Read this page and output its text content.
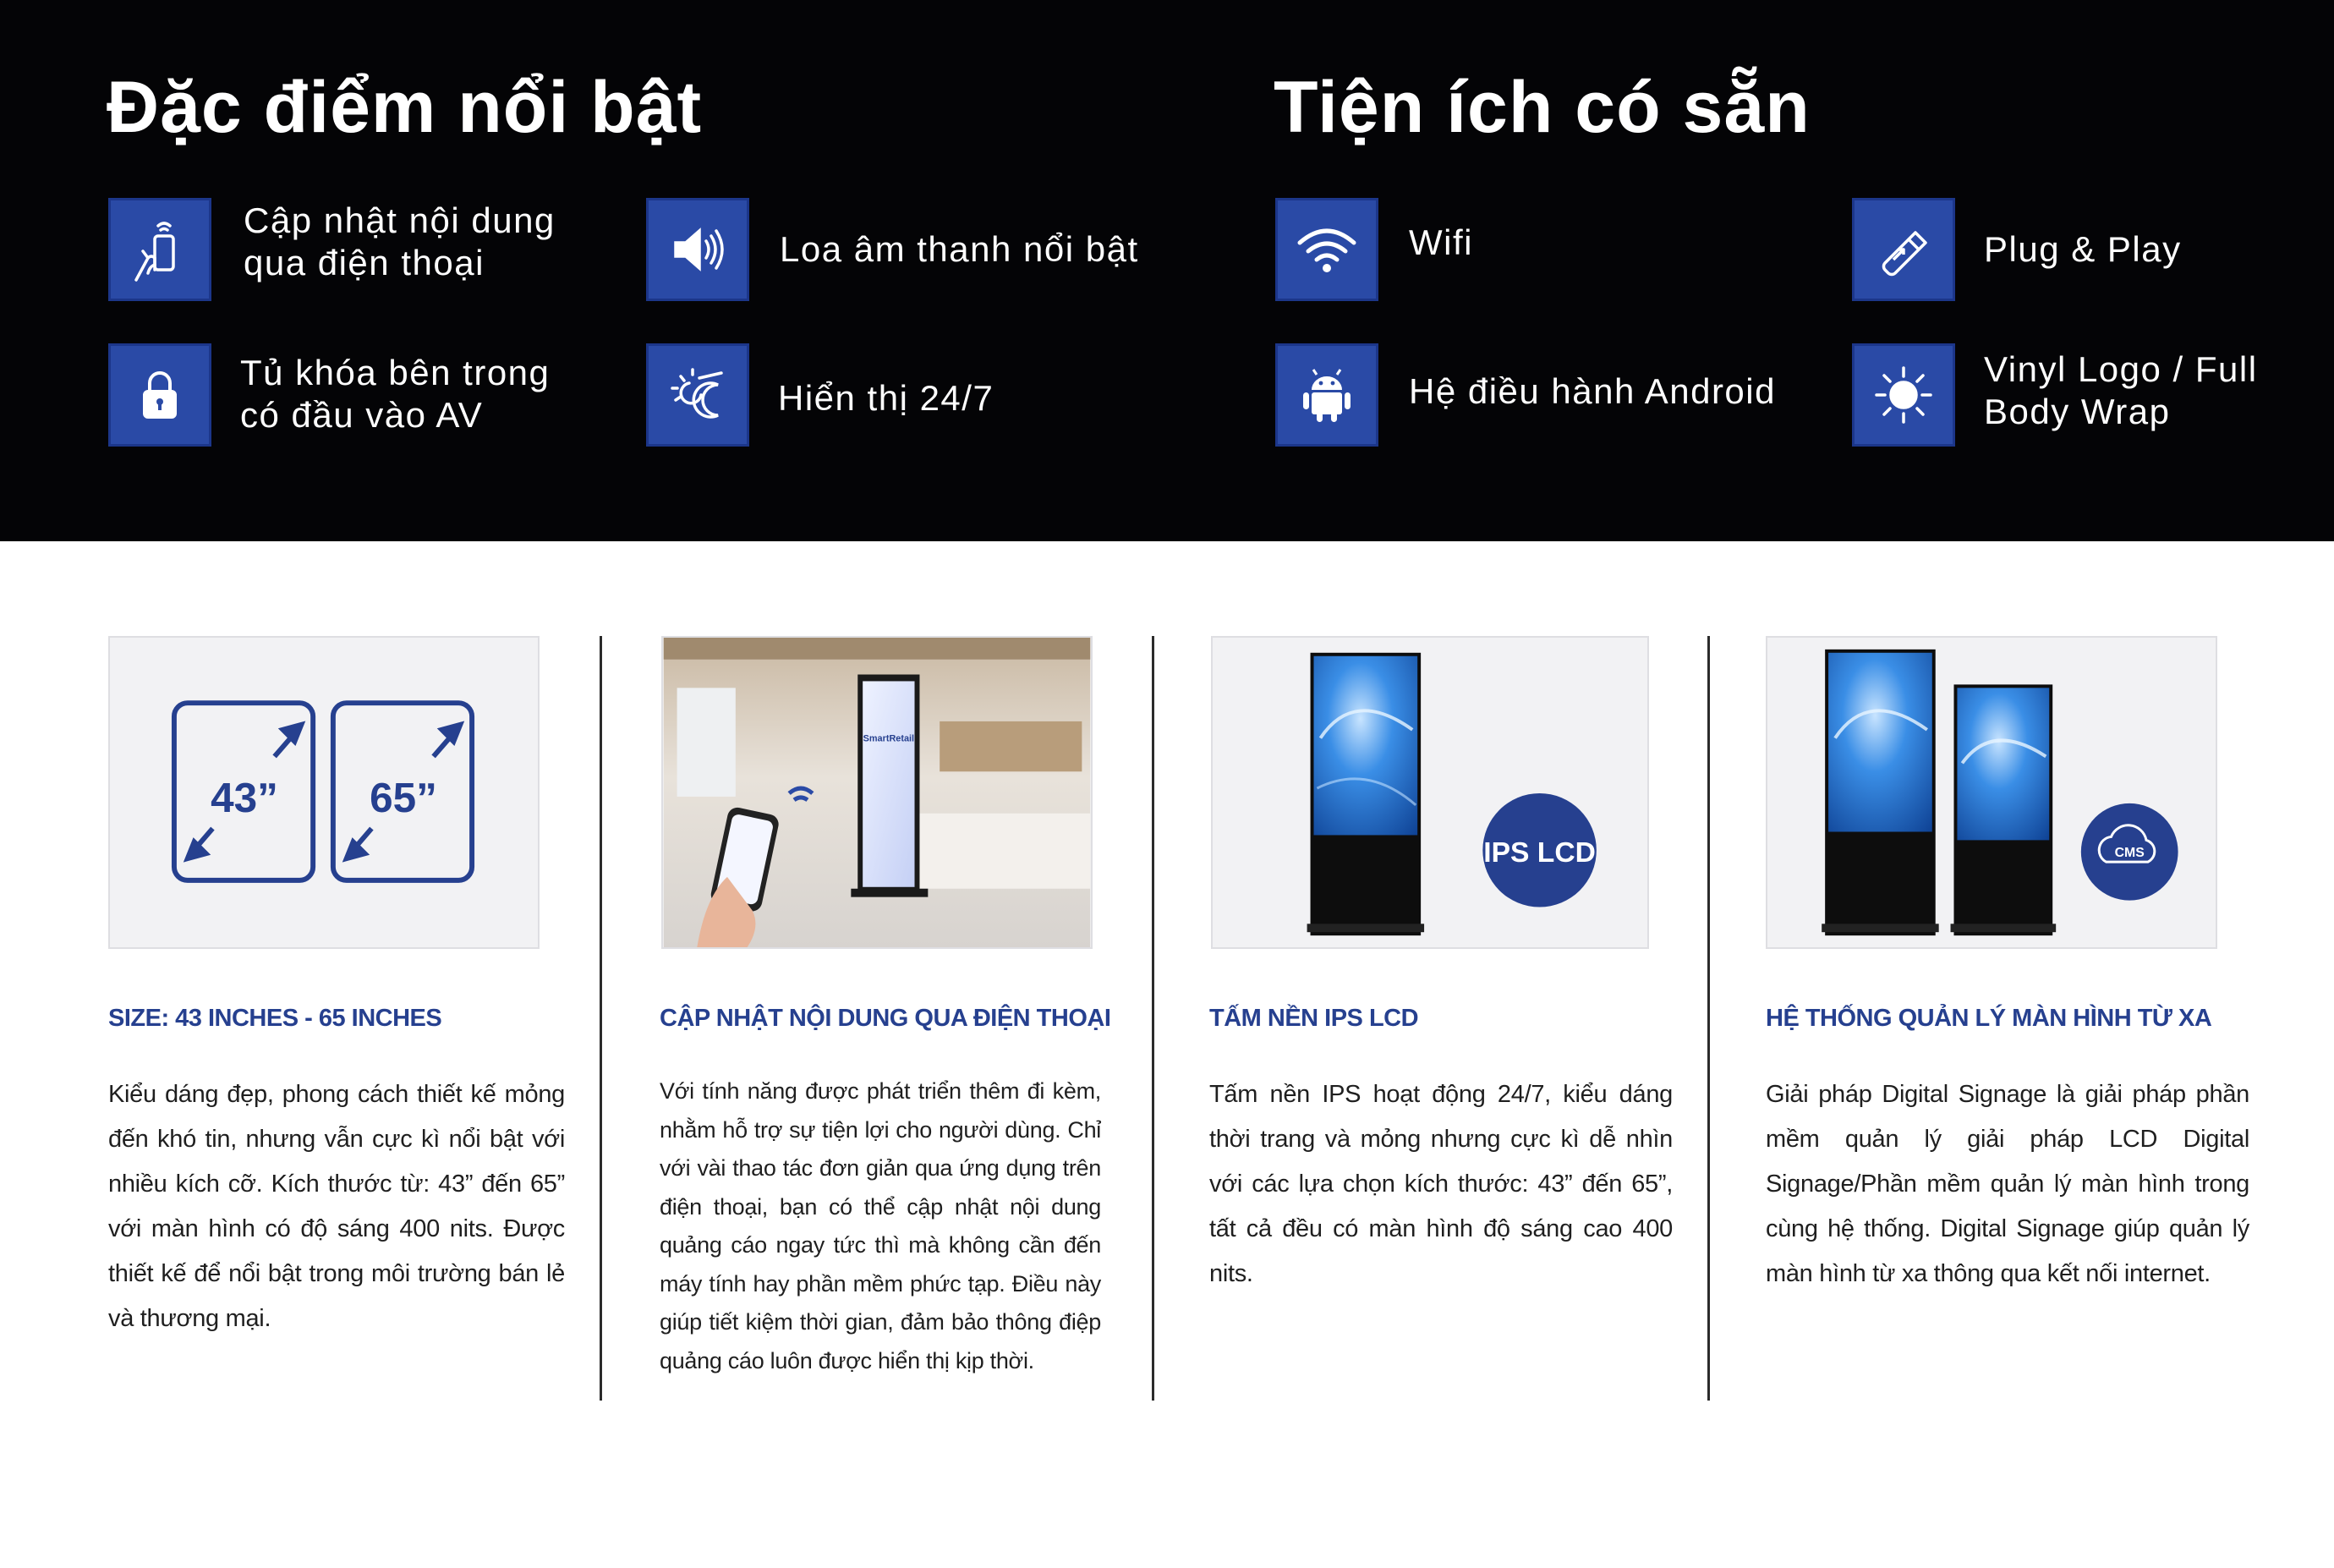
Đặc điểm nổi bật	Tiện ích có sẵn
Cập nhật nội dung
qua điện thoại	Loa âm thanh nổi bật
Tủ khóa bên trong
có đầu vào AV	Hiển thị 24/7
Wifi	Plug & Play
Hệ điều hành Android
Vinyl Logo / Full
Body Wrap
43” 65”
SIZE: 43 INCHES - 65 INCHES
Kiểu dáng đẹp, phong cách thiết kế mỏng đến khó tin, nhưng vẫn cực kì nổi bật với nhiều kích cỡ. Kích thước từ: 43” đến 65” với màn hình có độ sáng 400 nits. Được thiết kế để nổi bật trong môi trường bán lẻ và thương mại.
SmartRetail
CẬP NHẬT NỘI DUNG QUA ĐIỆN THOẠI
Với tính năng được phát triển thêm đi kèm, nhằm hỗ trợ sự tiện lợi cho người dùng. Chỉ với vài thao tác đơn giản qua ứng dụng trên điện thoại, bạn có thể cập nhật nội dung quảng cáo ngay tức thì mà không cần đến máy tính hay phần mềm phức tạp. Điều này giúp tiết kiệm thời gian, đảm bảo thông điệp quảng cáo luôn được hiển thị kịp thời.
IPS LCD
TẤM NỀN IPS LCD
Tấm nền IPS hoạt động 24/7, kiểu dáng thời trang và mỏng nhưng cực kì dễ nhìn với các lựa chọn kích thước: 43” đến 65”, tất cả đều có màn hình độ sáng cao 400 nits.
CMS
HỆ THỐNG QUẢN LÝ MÀN HÌNH TỪ XA
Giải pháp Digital Signage là giải pháp phần mềm quản lý giải pháp LCD Digital Signage/Phần mềm quản lý màn hình trong cùng hệ thống. Digital Signage giúp quản lý màn hình từ xa thông qua kết nối internet.
